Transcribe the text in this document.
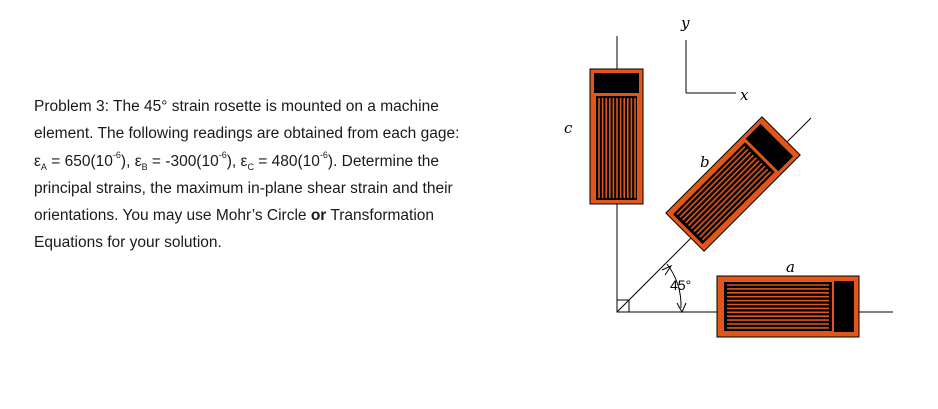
Problem 3: The 45° strain rosette is mounted on a machine

element. The following readings are obtained from each gage:

$\varepsilon_A = 650(10^{-6})$, $\varepsilon_B = -300(10^{-6})$, $\varepsilon_C = 480(10^{-6})$. Determine the

principal strains, the maximum in-plane shear strain and their

orientations. You may use Mohr’s Circle or Transformation

Equations for your solution.

y
x
45°
c
b
a
